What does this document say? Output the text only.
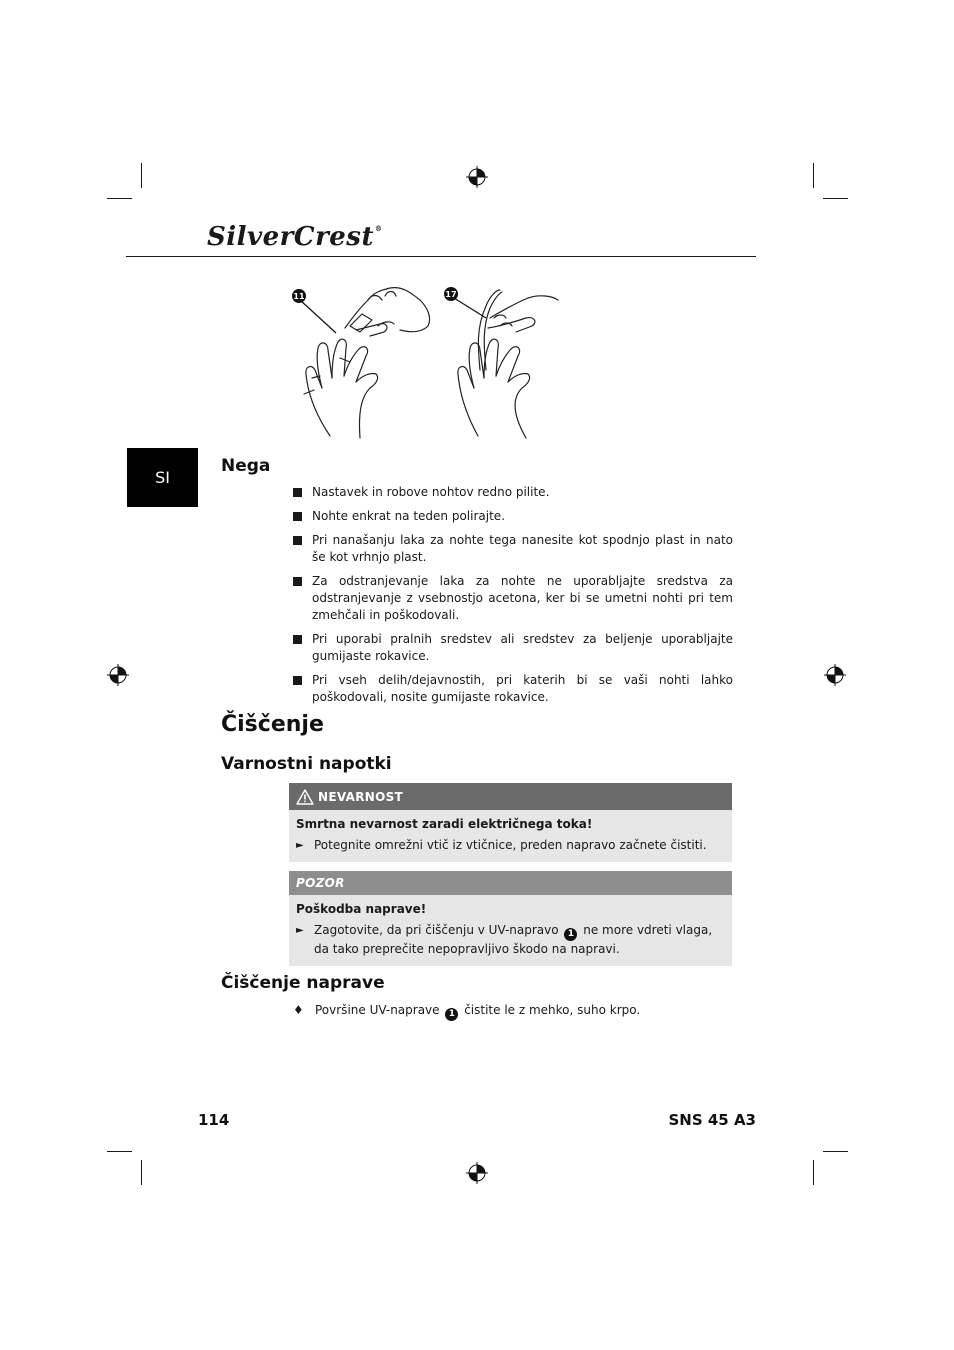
SilverCrest®
11	17
SI
Nega
Nastavek in robove nohtov redno pilite.
Nohte enkrat na teden polirajte.
Pri nanašanju laka za nohte tega nanesite kot spodnjo plast in nato še kot vrhnjo plast.
Za odstranjevanje laka za nohte ne uporabljajte sredstva za odstranjevanje z vsebnostjo acetona, ker bi se umetni nohti pri tem zmehčali in poškodovali.
Pri uporabi pralnih sredstev ali sredstev za beljenje uporabljajte gumijaste rokavice.
Pri vseh delih/dejavnostih, pri katerih bi se vaši nohti lahko poškodovali, nosite gumijaste rokavice.
Čiščenje
Varnostni napotki
NEVARNOST
Smrtna nevarnost zaradi električnega toka!
► Potegnite omrežni vtič iz vtičnice, preden napravo začnete čistiti.
POZOR
Poškodba naprave!
► Zagotovite, da pri čiščenju v UV-napravo 1 ne more vdreti vlaga, da tako preprečite nepopravljivo škodo na napravi.
Čiščenje naprave
♦ Površine UV-naprave 1 čistite le z mehko, suho krpo.
114	SNS 45 A3
